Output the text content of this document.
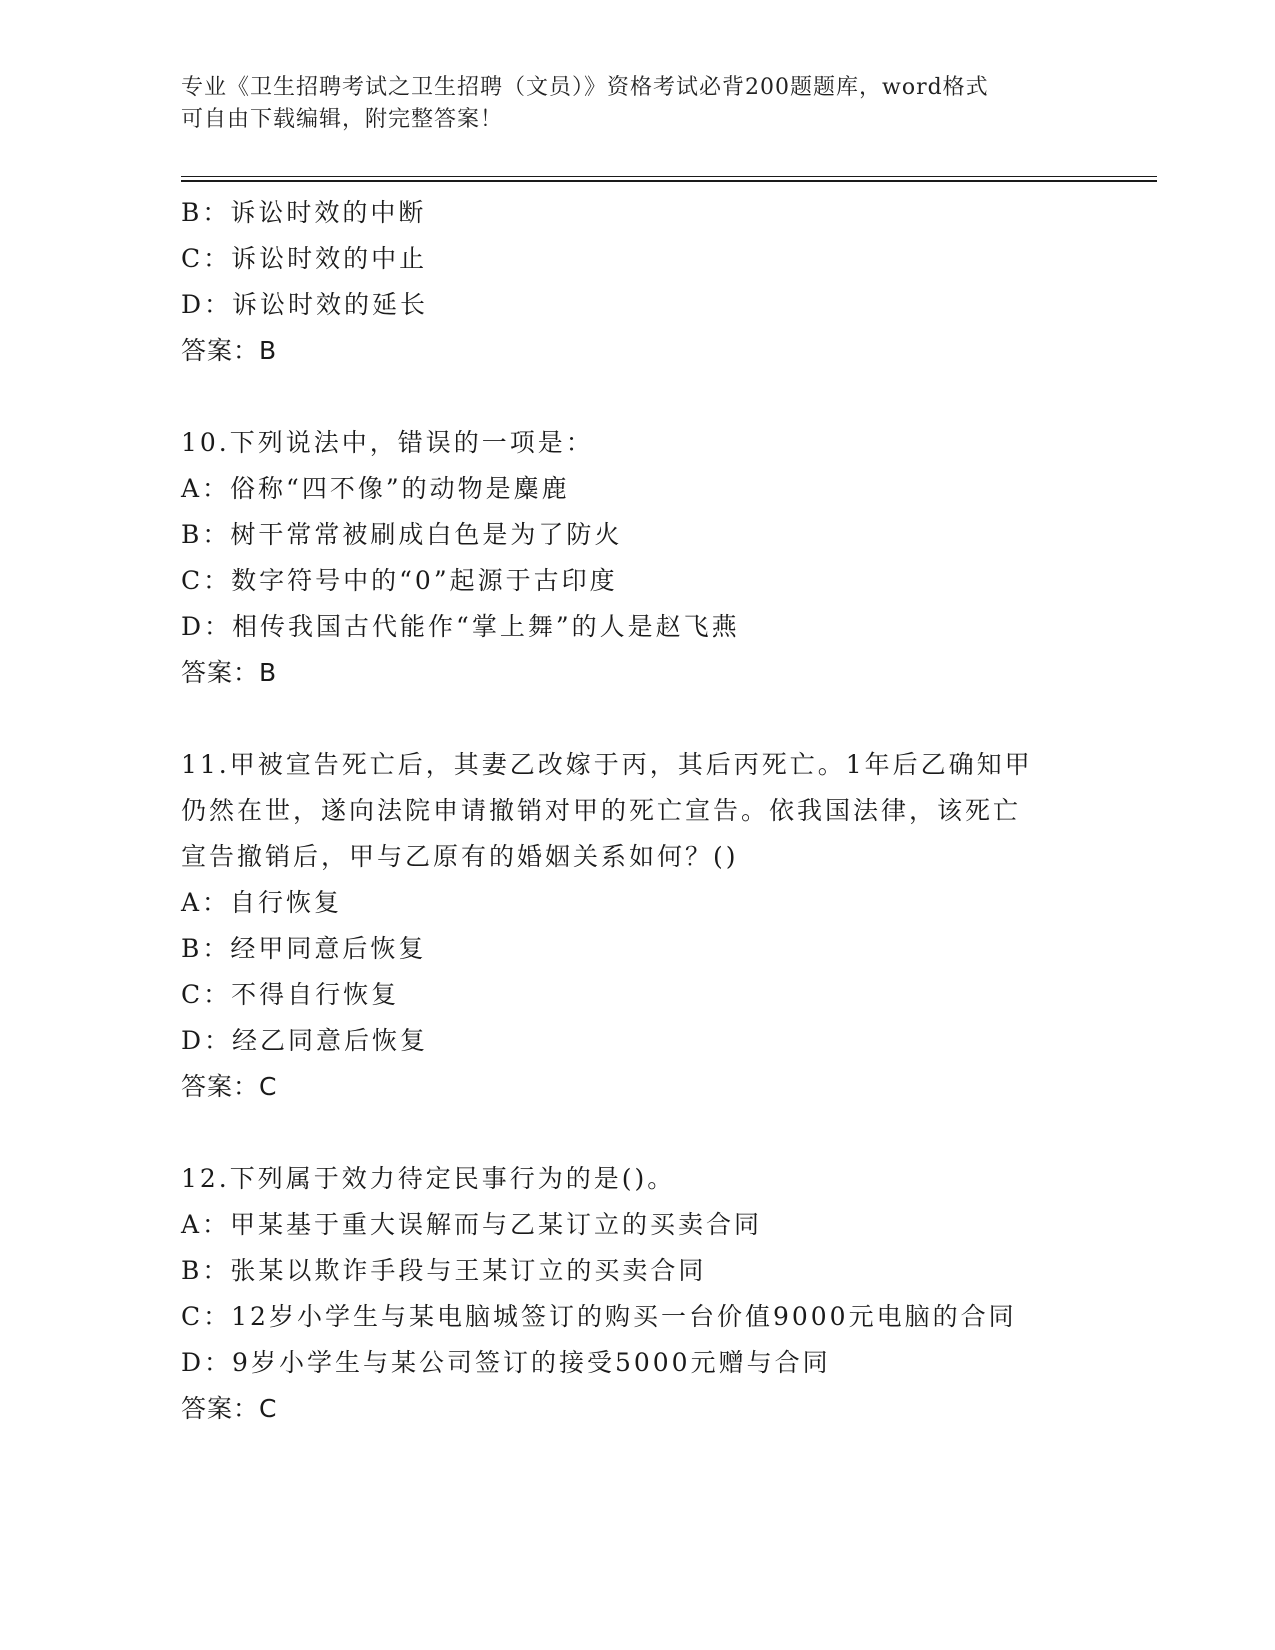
专业《卫生招聘考试之卫生招聘（文员）》资格考试必背200题题库，word格式
可自由下载编辑，附完整答案！
B：诉讼时效的中断
C：诉讼时效的中止
D：诉讼时效的延长
答案：B
10.下列说法中，错误的一项是：
A：俗称“四不像”的动物是麋鹿
B：树干常常被刷成白色是为了防火
C：数字符号中的“0”起源于古印度
D：相传我国古代能作“掌上舞”的人是赵飞燕
答案：B
11.甲被宣告死亡后，其妻乙改嫁于丙，其后丙死亡。1年后乙确知甲
仍然在世，遂向法院申请撤销对甲的死亡宣告。依我国法律，该死亡
宣告撤销后，甲与乙原有的婚姻关系如何？()
A：自行恢复
B：经甲同意后恢复
C：不得自行恢复
D：经乙同意后恢复
答案：C
12.下列属于效力待定民事行为的是()。
A：甲某基于重大误解而与乙某订立的买卖合同
B：张某以欺诈手段与王某订立的买卖合同
C：12岁小学生与某电脑城签订的购买一台价值9000元电脑的合同
D：9岁小学生与某公司签订的接受5000元赠与合同
答案：C
